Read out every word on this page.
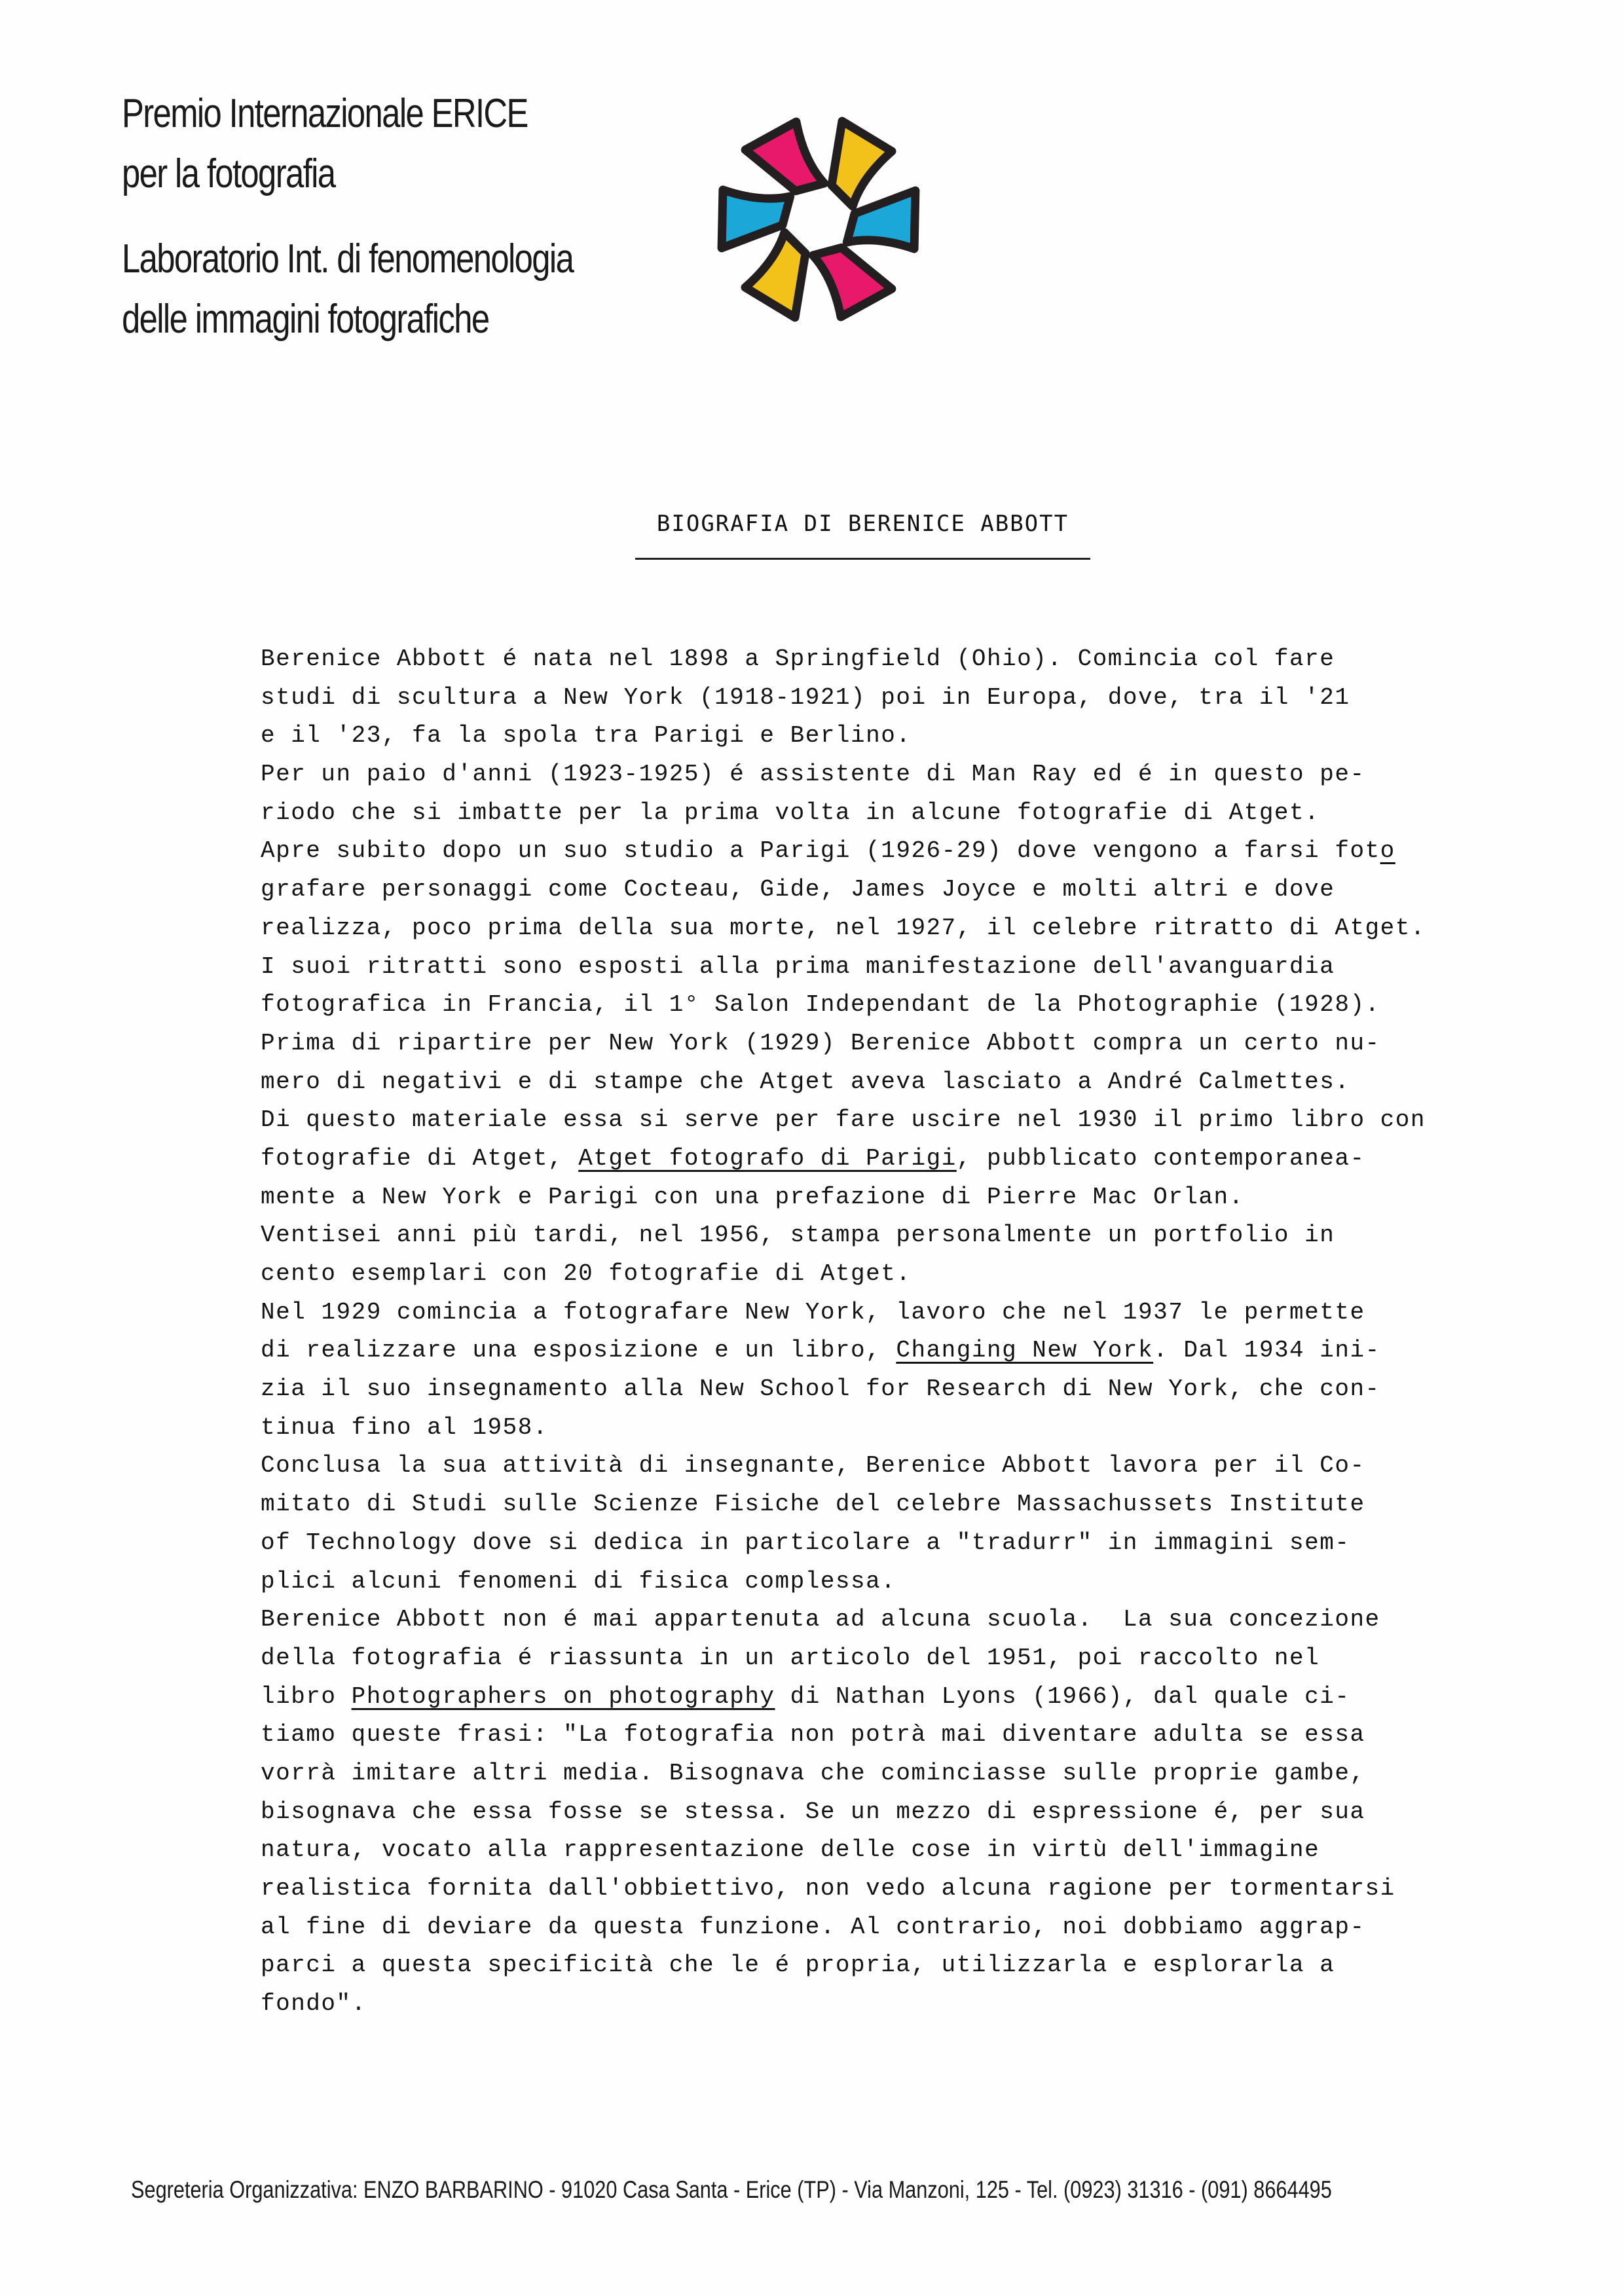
Premio Internazionale ERICE
per la fotografia
Laboratorio Int. di fenomenologia
delle immagini fotografiche
BIOGRAFIA DI BERENICE ABBOTT
Berenice Abbott é nata nel 1898 a Springfield (Ohio). Comincia col fare
studi di scultura a New York (1918-1921) poi in Europa, dove, tra il '21
e il '23, fa la spola tra Parigi e Berlino.
Per un paio d'anni (1923-1925) é assistente di Man Ray ed é in questo pe-
riodo che si imbatte per la prima volta in alcune fotografie di Atget.
Apre subito dopo un suo studio a Parigi (1926-29) dove vengono a farsi foto
grafare personaggi come Cocteau, Gide, James Joyce e molti altri e dove
realizza, poco prima della sua morte, nel 1927, il celebre ritratto di Atget.
I suoi ritratti sono esposti alla prima manifestazione dell'avanguardia
fotografica in Francia, il 1° Salon Independant de la Photographie (1928).
Prima di ripartire per New York (1929) Berenice Abbott compra un certo nu-
mero di negativi e di stampe che Atget aveva lasciato a André Calmettes.
Di questo materiale essa si serve per fare uscire nel 1930 il primo libro con
fotografie di Atget, Atget fotografo di Parigi, pubblicato contemporanea-
mente a New York e Parigi con una prefazione di Pierre Mac Orlan.
Ventisei anni più tardi, nel 1956, stampa personalmente un portfolio in
cento esemplari con 20 fotografie di Atget.
Nel 1929 comincia a fotografare New York, lavoro che nel 1937 le permette
di realizzare una esposizione e un libro, Changing New York. Dal 1934 ini-
zia il suo insegnamento alla New School for Research di New York, che con-
tinua fino al 1958.
Conclusa la sua attività di insegnante, Berenice Abbott lavora per il Co-
mitato di Studi sulle Scienze Fisiche del celebre Massachussets Institute
of Technology dove si dedica in particolare a "tradurr" in immagini sem-
plici alcuni fenomeni di fisica complessa.
Berenice Abbott non é mai appartenuta ad alcuna scuola.  La sua concezione
della fotografia é riassunta in un articolo del 1951, poi raccolto nel
libro Photographers on photography di Nathan Lyons (1966), dal quale ci-
tiamo queste frasi: "La fotografia non potrà mai diventare adulta se essa
vorrà imitare altri media. Bisognava che cominciasse sulle proprie gambe,
bisognava che essa fosse se stessa. Se un mezzo di espressione é, per sua
natura, vocato alla rappresentazione delle cose in virtù dell'immagine
realistica fornita dall'obbiettivo, non vedo alcuna ragione per tormentarsi
al fine di deviare da questa funzione. Al contrario, noi dobbiamo aggrap-
parci a questa specificità che le é propria, utilizzarla e esplorarla a
fondo".
Segreteria Organizzativa: ENZO BARBARINO - 91020 Casa Santa - Erice (TP) - Via Manzoni, 125 - Tel. (0923) 31316 - (091) 8664495
